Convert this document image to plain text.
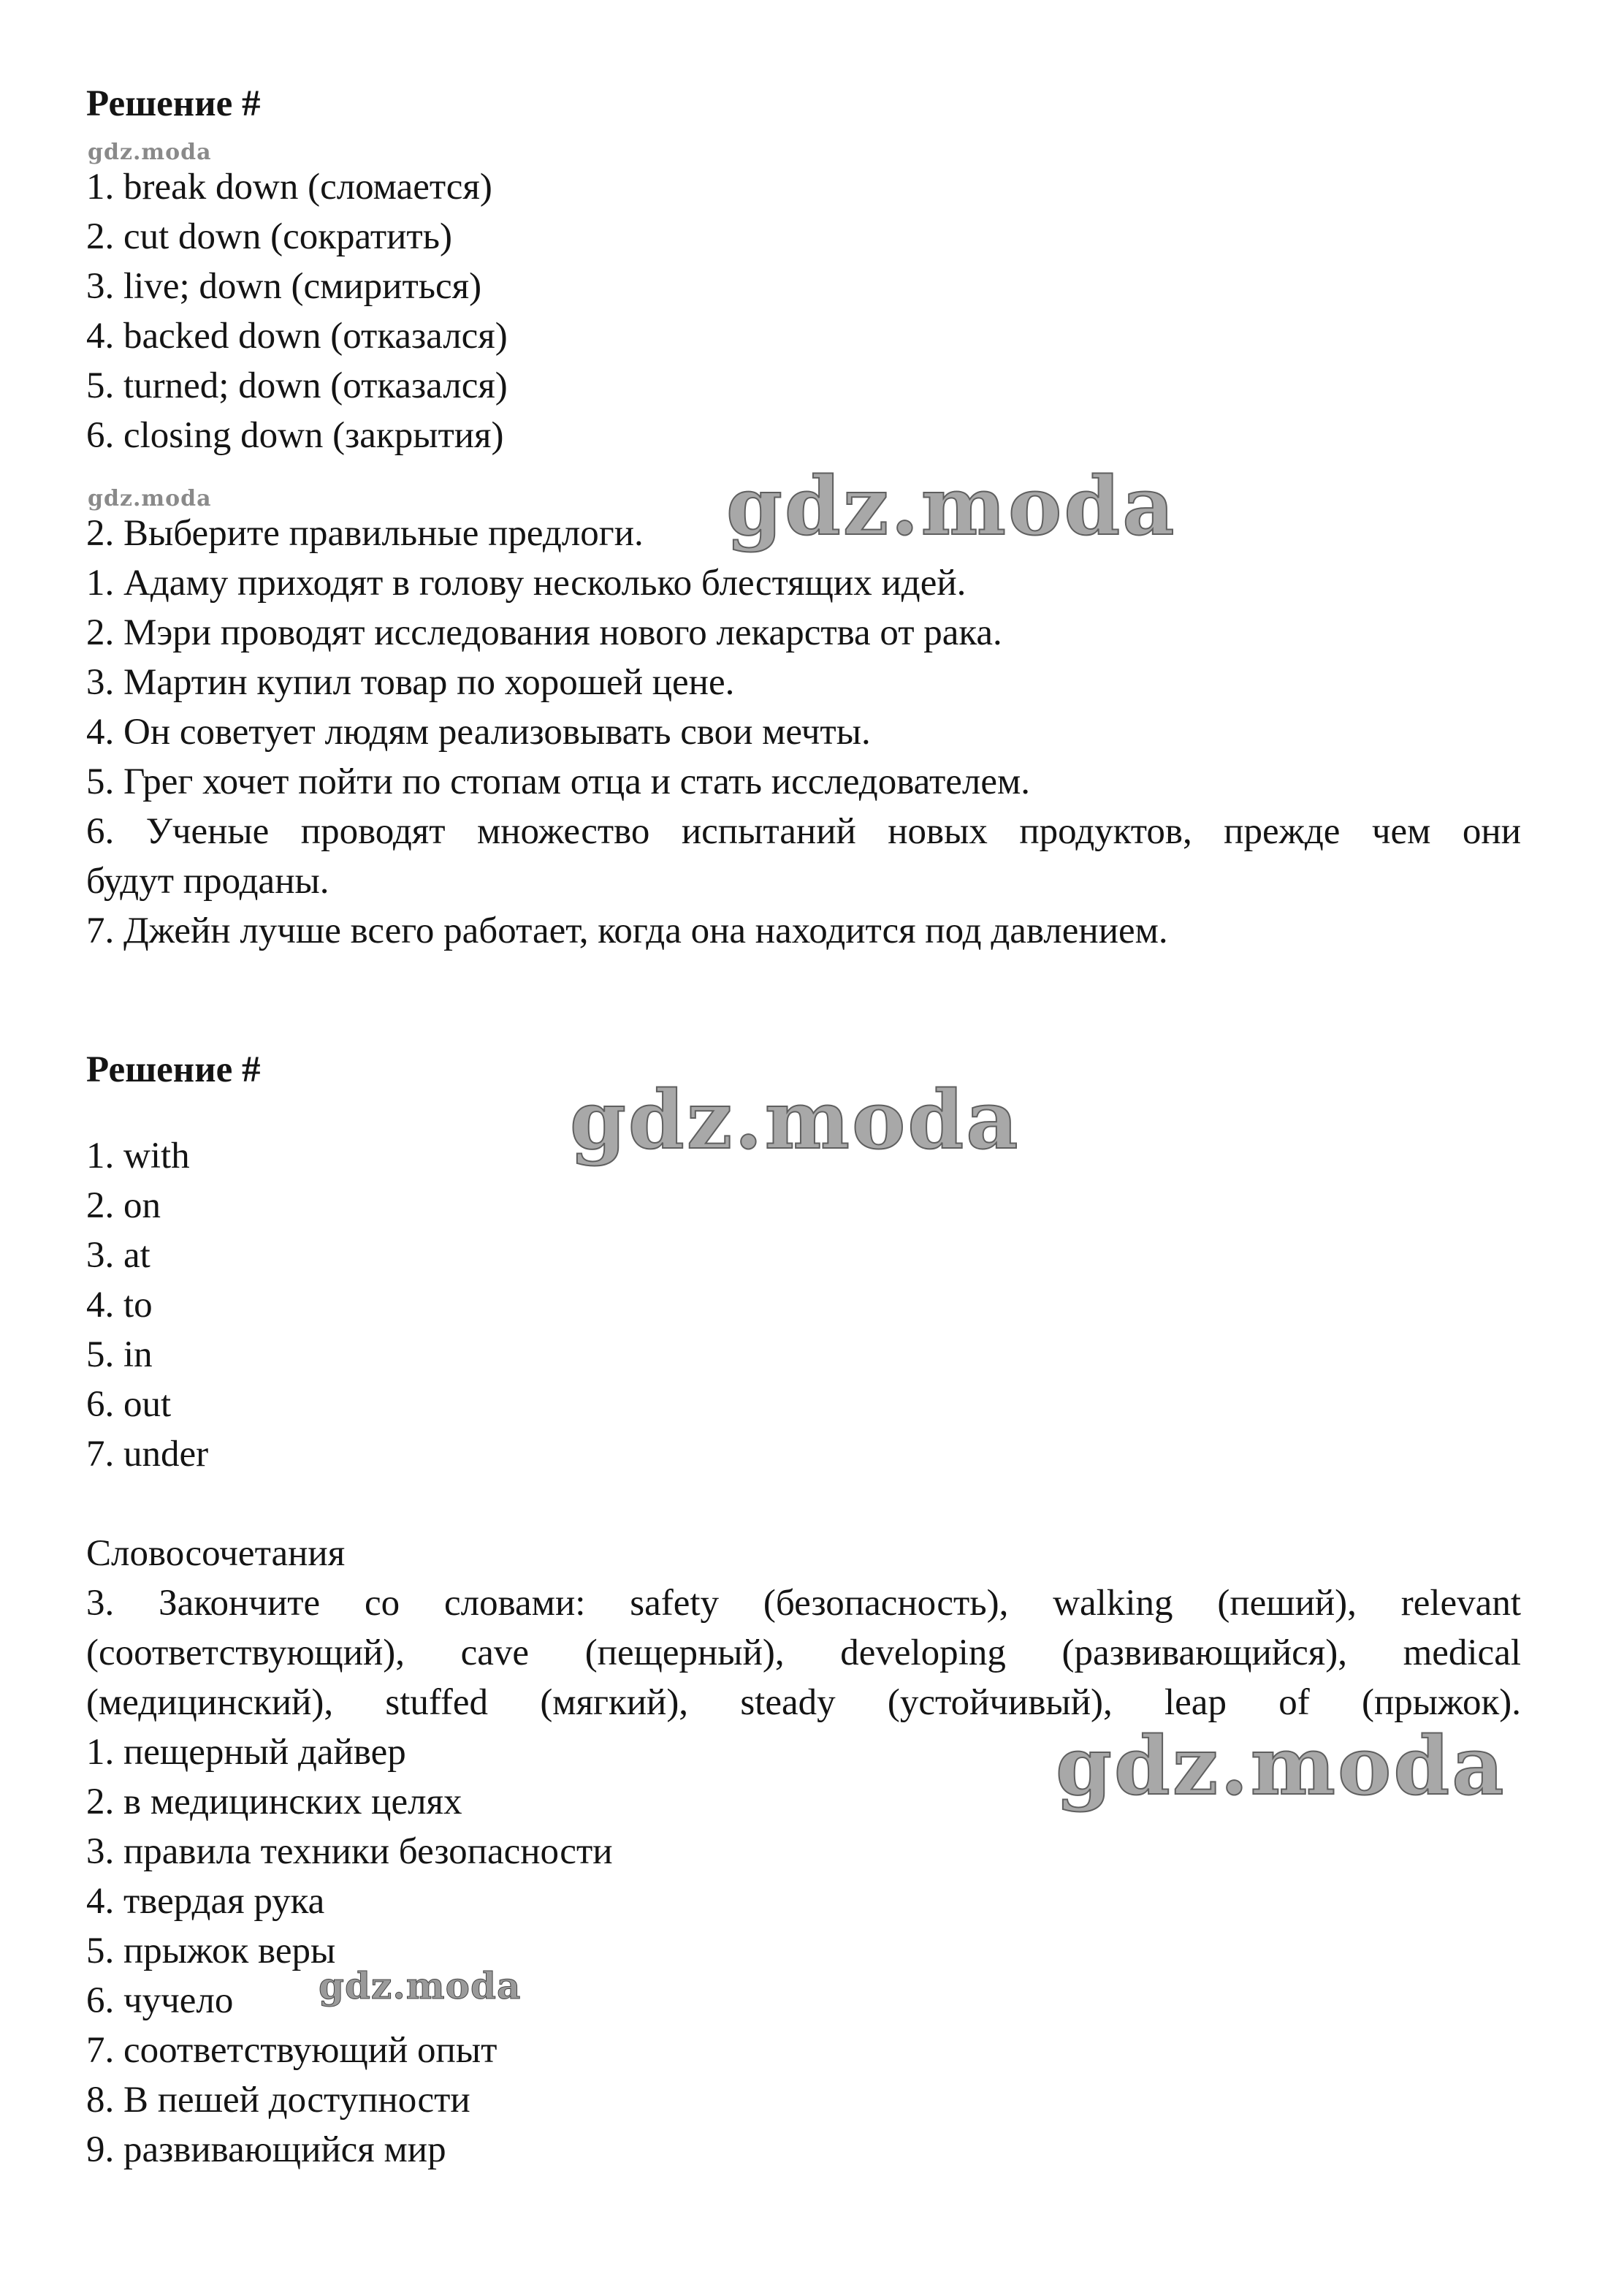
Решение #
gdz.moda
1. break down (сломается)
2. cut down (сократить)
3. live; down (смириться)
4. backed down (отказался)
5. turned; down (отказался)
6. closing down (закрытия)
gdz.moda
2. Выберите правильные предлоги.
1. Адаму приходят в голову несколько блестящих идей.
2. Мэри проводят исследования нового лекарства от рака.
3. Мартин купил товар по хорошей цене.
4. Он советует людям реализовывать свои мечты.
5. Грег хочет пойти по стопам отца и стать исследователем.
6. Ученые проводят множество испытаний новых продуктов, прежде чем они
будут проданы.
7. Джейн лучше всего работает, когда она находится под давлением.
Решение #
1. with
2. on
3. at
4. to
5. in
6. out
7. under
Словосочетания
3. Закончите со словами: safety (безопасность), walking (пеший), relevant
(соответствующий), cave (пещерный), developing (развивающийся), medical
(медицинский), stuffed (мягкий), steady (устойчивый), leap of (прыжок).
1. пещерный дайвер
2. в медицинских целях
3. правила техники безопасности
4. твердая рука
5. прыжок веры
6. чучело
7. соответствующий опыт
8. В пешей доступности
9. развивающийся мир
gdz.moda
gdz.moda
gdz.moda
gdz.moda
